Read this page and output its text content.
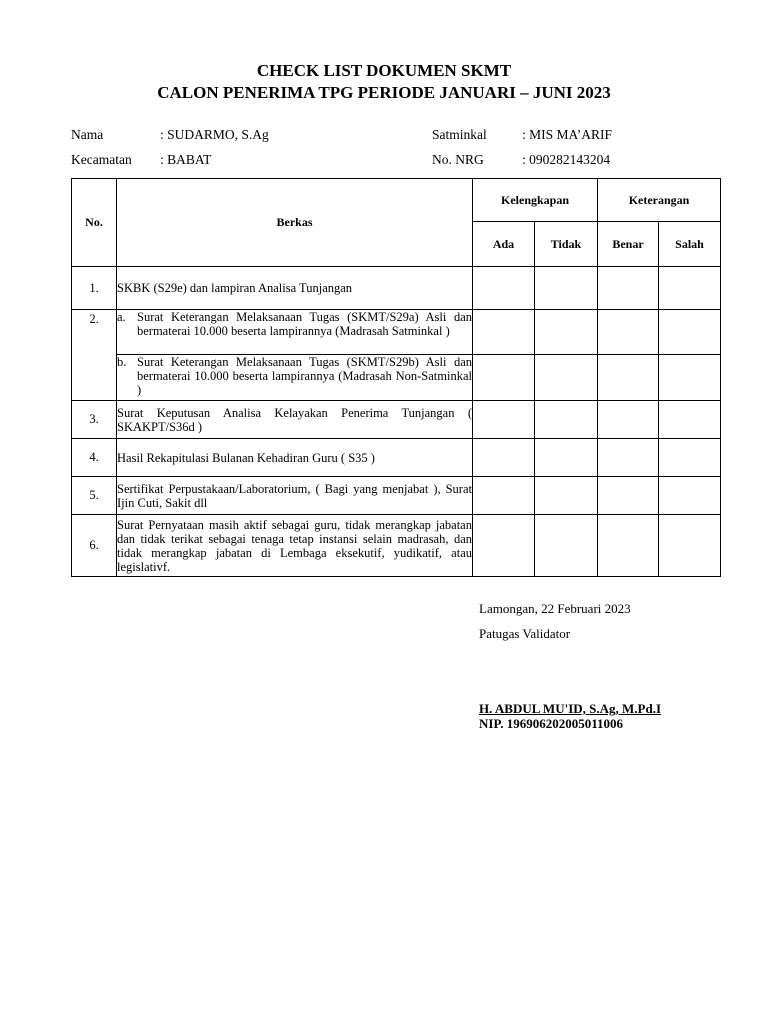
CHECK LIST DOKUMEN SKMT
CALON PENERIMA TPG PERIODE JANUARI – JUNI 2023
Nama	: SUDARMO, S.Ag	Satminkal	: MIS MA’ARIF
Kecamatan : BABAT	No. NRG	: 090282143204
No.	Berkas	Kelengkapan		Keterangan	
		Ada	Tidak	Benar	Salah
1.	SKBK (S29e) dan lampiran Analisa Tunjangan				
2.	a. Surat Keterangan Melaksanaan Tugas (SKMT/S29a) Asli dan bermaterai 10.000 beserta lampirannya (Madrasah Satminkal )				

	b. Surat Keterangan Melaksanaan Tugas (SKMT/S29b) Asli dan bermaterai 10.000 beserta lampirannya (Madrasah Non-Satminkal )				

3.	Surat Keputusan Analisa Kelayakan Penerima Tunjangan ( SKAKPT/S36d )				
4.	Hasil Rekapitulasi Bulanan Kehadiran Guru ( S35 )				
5.	Sertifikat Perpustakaan/Laboratorium, ( Bagi yang menjabat ), Surat Ijin Cuti, Sakit dll				
6.	Surat Pernyataan masih aktif sebagai guru, tidak merangkap jabatan dan tidak terikat sebagai tenaga tetap instansi selain madrasah, dan tidak merangkap jabatan di Lembaga eksekutif, yudikatif, atau legislativf.				
Lamongan, 22 Februari 2023
Patugas Validator
H. ABDUL MU'ID, S.Ag, M.Pd.I
NIP. 196906202005011006
